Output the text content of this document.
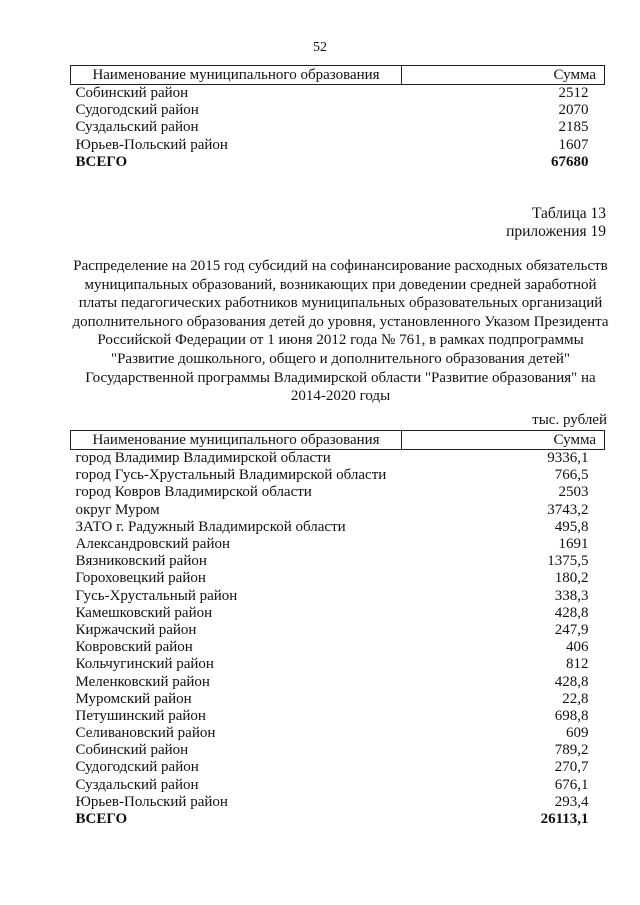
52
Наименование муниципального образования	Сумма
Собинский район	2512
Судогодский район	2070
Суздальский район	2185
Юрьев-Польский район	1607
ВСЕГО	67680
Таблица 13
приложения 19
Распределение на 2015 год субсидий на софинансирование расходных обязательств муниципальных образований, возникающих при доведении средней заработной платы педагогических работников муниципальных образовательных организаций дополнительного образования детей до уровня, установленного Указом Президента Российской Федерации от 1 июня 2012 года № 761, в рамках подпрограммы "Развитие дошкольного, общего и дополнительного образования детей" Государственной программы Владимирской области "Развитие образования" на 2014-2020 годы
тыс. рублей
Наименование муниципального образования	Сумма
город Владимир Владимирской области	9336,1
город Гусь-Хрустальный Владимирской области	766,5
город Ковров Владимирской области	2503
округ Муром	3743,2
ЗАТО г. Радужный Владимирской области	495,8
Александровский район	1691
Вязниковский район	1375,5
Гороховецкий район	180,2
Гусь-Хрустальный район	338,3
Камешковский район	428,8
Киржачский район	247,9
Ковровский район	406
Кольчугинский район	812
Меленковский район	428,8
Муромский район	22,8
Петушинский район	698,8
Селивановский район	609
Собинский район	789,2
Судогодский район	270,7
Суздальский район	676,1
Юрьев-Польский район	293,4
ВСЕГО	26113,1
